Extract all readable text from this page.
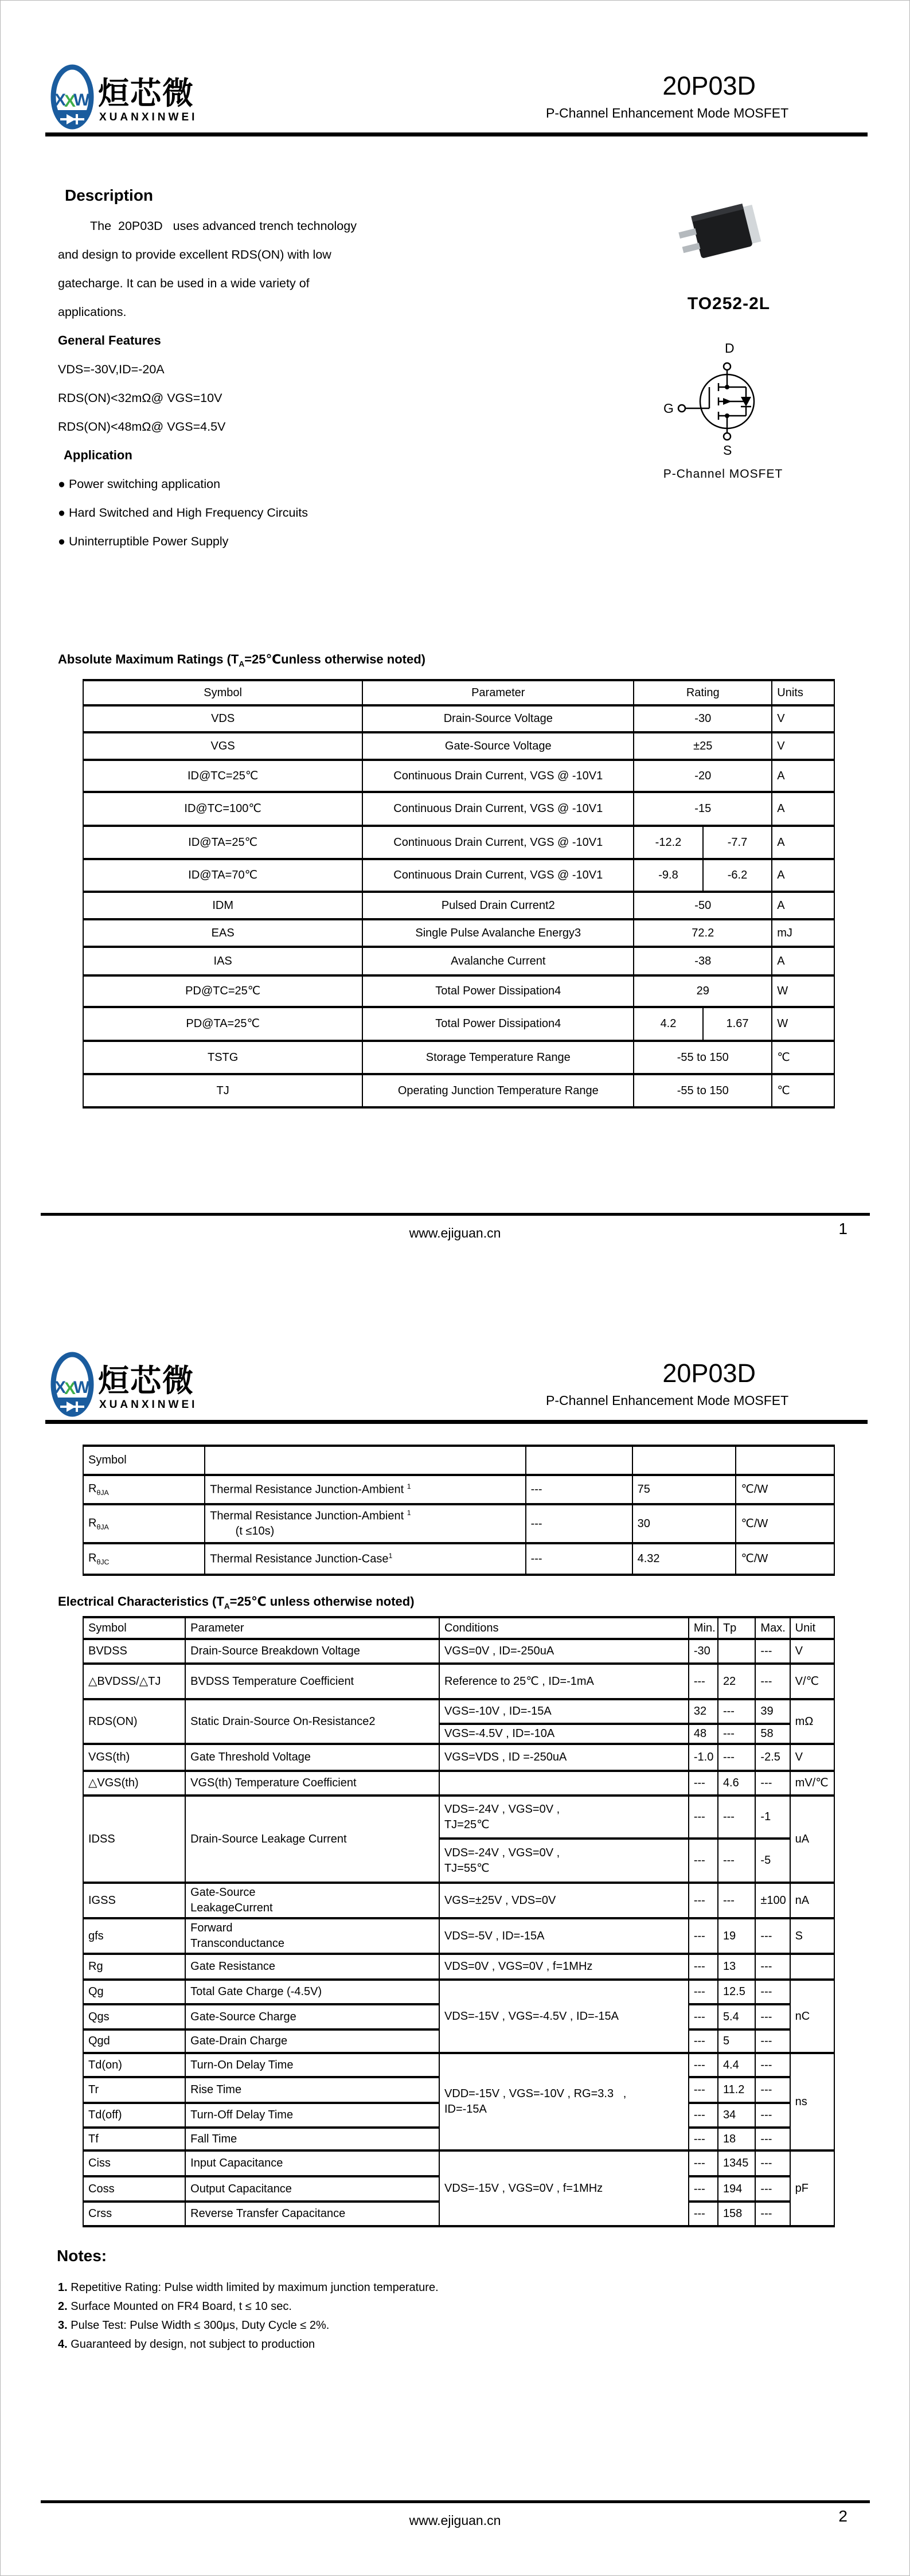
X
X
W 烜芯微
XUANXINWEI
20P03D
P-Channel Enhancement Mode MOSFET
Description
The  20P03D   uses advanced trench technology
and design to provide excellent RDS(ON) with low
gatecharge. It can be used in a wide variety of
applications.
General Features
VDS=-30V,ID=-20A
RDS(ON)<32mΩ@ VGS=10V
RDS(ON)<48mΩ@ VGS=4.5V
Application
● Power switching application
● Hard Switched and High Frequency Circuits
● Uninterruptible Power Supply
TO252-2L
D
G
S
P-Channel MOSFET
Absolute Maximum Ratings ($T_A=25℃unless$ otherwise noted)
Symbol	Parameter	Rating		Units
VDS	Drain-Source Voltage	-30		V
VGS	Gate-Source Voltage	±25		V
ID@TC=25℃	Continuous Drain Current, VGS @ -10V1	-20		A
ID@TC=100℃	Continuous Drain Current, VGS @ -10V1	-15		A
ID@TA=25℃	Continuous Drain Current, VGS @ -10V1	-12.2	-7.7	A
ID@TA=70℃	Continuous Drain Current, VGS @ -10V1	-9.8	-6.2	A
IDM	Pulsed Drain Current2	-50		A
EAS	Single Pulse Avalanche Energy3	72.2		mJ
IAS	Avalanche Current	-38		A
PD@TC=25℃	Total Power Dissipation4	29		W
PD@TA=25℃	Total Power Dissipation4	4.2	1.67	W
TSTG	Storage Temperature Range	-55 to 150		℃
TJ	Operating Junction Temperature Range	-55 to 150		℃
www.ejiguan.cn	1
X
X
W 烜芯微
XUANXINWEI
20P03D
P-Channel Enhancement Mode MOSFET
Symbol				
$R_{\theta JA}$	Thermal Resistance Junction-Ambient $^1$	---	75	℃/W
$R_{\theta JA}$	Thermal Resistance Junction-Ambient $^1$
(t ≤10s)	---	30	℃/W
$R_{\theta JC}$	Thermal Resistance Junction-Case$^1$	---	4.32	℃/W
Electrical Characteristics ($T_A=25℃$ unless otherwise noted)
Symbol	Parameter	Conditions	Min.	Tp	Max.	Unit
BVDSS	Drain-Source Breakdown Voltage	VGS=0V , ID=-250uA	-30		---	V
△BVDSS/△TJ	BVDSS Temperature Coefficient	Reference to 25℃ , ID=-1mA	---	22	---	V/℃
RDS(ON)	Static Drain-Source On-Resistance2	VGS=-10V , ID=-15A	32	---	39	mΩ
		VGS=-4.5V , ID=-10A	48	---	58	
VGS(th)	Gate Threshold Voltage	VGS=VDS , ID =-250uA	-1.0	---	-2.5	V
△VGS(th)	VGS(th) Temperature Coefficient		---	4.6	---	mV/℃
IDSS	Drain-Source Leakage Current	VDS=-24V , VGS=0V ,
TJ=25℃	---	---	-1	uA
		VDS=-24V , VGS=0V ,
TJ=55℃	---	---	-5	
IGSS	Gate-Source
LeakageCurrent	VGS=±25V , VDS=0V	---	---	±100	nA
gfs	Forward
Transconductance	VDS=-5V , ID=-15A	---	19	---	S
Rg	Gate Resistance	VDS=0V , VGS=0V , f=1MHz	---	13	---	
Qg	Total Gate Charge (-4.5V)	VDS=-15V , VGS=-4.5V , ID=-15A	---	12.5	---	nC
Qgs	Gate-Source Charge		---	5.4	---	
Qgd	Gate-Drain Charge		---	5	---	
Td(on)	Turn-On Delay Time	VDD=-15V , VGS=-10V , RG=3.3   ,
ID=-15A	---	4.4	---	ns
Tr	Rise Time		---	11.2	---	
Td(off)	Turn-Off Delay Time		---	34	---	
Tf	Fall Time		---	18	---	
Ciss	Input Capacitance	VDS=-15V , VGS=0V , f=1MHz	---	1345	---	pF
Coss	Output Capacitance		---	194	---	
Crss	Reverse Transfer Capacitance		---	158	---	
Notes:
1. Repetitive Rating: Pulse width limited by maximum junction temperature.
2. Surface Mounted on FR4 Board, t ≤ 10 sec.
3. Pulse Test: Pulse Width ≤ 300μs, Duty Cycle ≤ 2%.
4. Guaranteed by design, not subject to production
www.ejiguan.cn	2
